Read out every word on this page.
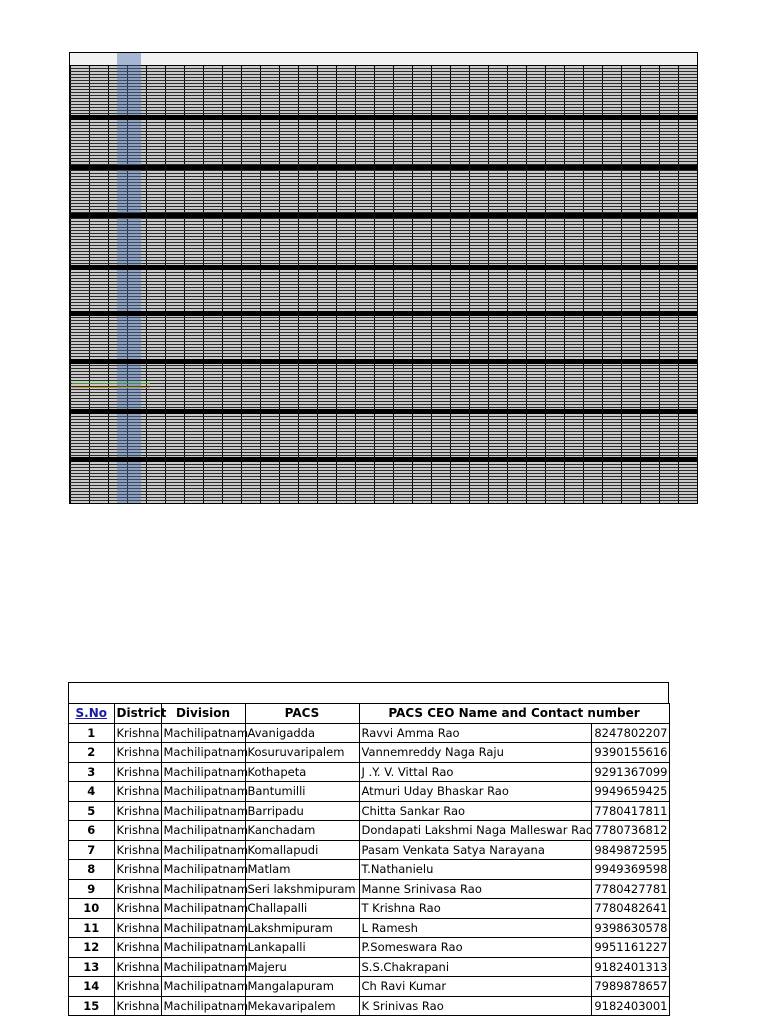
S.No	District	Division	PACS	PACS CEO Name and Contact number	
1	Krishna	Machilipatnam	Avanigadda	Ravvi Amma Rao	8247802207
2	Krishna	Machilipatnam	Kosuruvaripalem	Vannemreddy Naga Raju	9390155616
3	Krishna	Machilipatnam	Kothapeta	J .Y. V. Vittal Rao	9291367099
4	Krishna	Machilipatnam	Bantumilli	Atmuri Uday Bhaskar Rao	9949659425
5	Krishna	Machilipatnam	Barripadu	Chitta Sankar Rao	7780417811
6	Krishna	Machilipatnam	Kanchadam	Dondapati Lakshmi Naga Malleswar Rao	7780736812
7	Krishna	Machilipatnam	Komallapudi	Pasam Venkata Satya Narayana	9849872595
8	Krishna	Machilipatnam	Matlam	T.Nathanielu	9949369598
9	Krishna	Machilipatnam	Seri lakshmipuram	Manne Srinivasa Rao	7780427781
10	Krishna	Machilipatnam	Challapalli	T Krishna Rao	7780482641
11	Krishna	Machilipatnam	Lakshmipuram	L Ramesh	9398630578
12	Krishna	Machilipatnam	Lankapalli	P.Someswara Rao	9951161227
13	Krishna	Machilipatnam	Majeru	S.S.Chakrapani	9182401313
14	Krishna	Machilipatnam	Mangalapuram	Ch Ravi Kumar	7989878657
15	Krishna	Machilipatnam	Mekavaripalem	K Srinivas Rao	9182403001
